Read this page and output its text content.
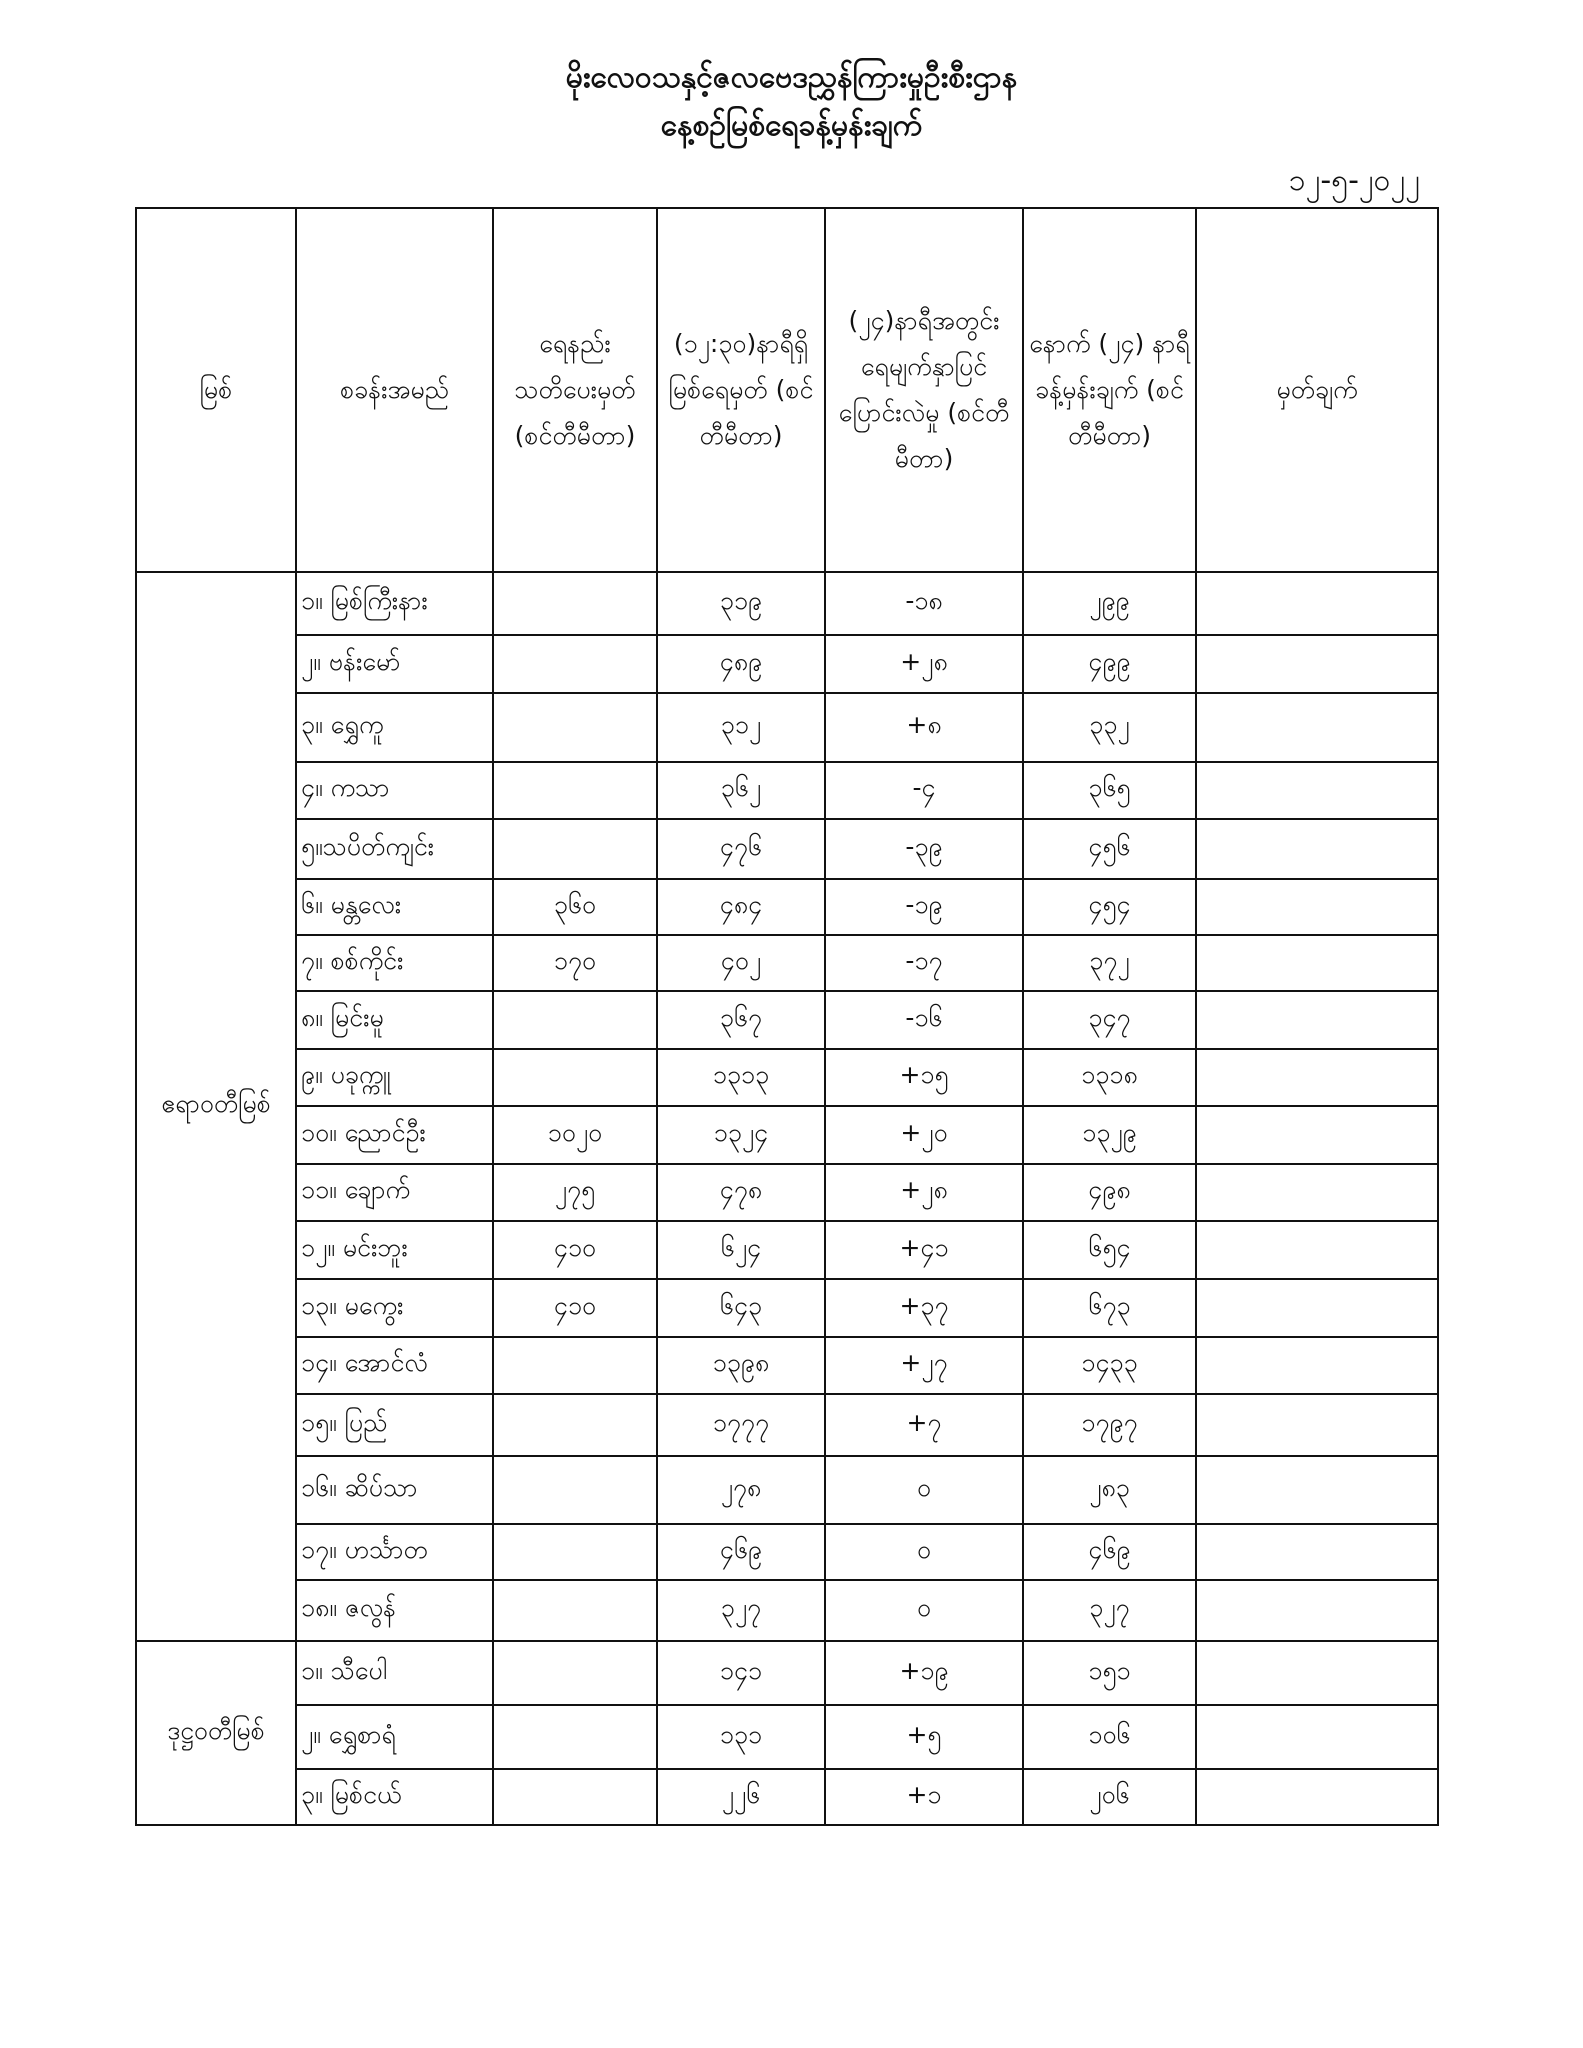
မိုးလေဝသနှင့်ဇလဗေဒညွှန်ကြားမှုဦးစီးဌာန
နေ့စဉ်မြစ်ရေခန့်မှန်းချက်
၁၂-၅-၂၀၂၂
မြစ်	စခန်းအမည်	ရေနည်း သတိပေးမှတ် (စင်တီမီတာ)	(၁၂:၃၀)နာရီရှိ မြစ်ရေမှတ် (စင်တီမီတာ)	(၂၄)နာရီအတွင်း ရေမျက်နှာပြင် ပြောင်းလဲမှု (စင်တီမီတာ)	နောက် (၂၄) နာရီ ခန့်မှန်းချက် (စင်တီမီတာ)	မှတ်ချက်
ဧရာဝတီမြစ်	၁။ မြစ်ကြီးနား		၃၁၉	-၁၈	၂၉၉	
	၂။ ဗန်းမော်		၄၈၉	+၂၈	၄၉၉	
	၃။ ရွှေကူ		၃၁၂	+၈	၃၃၂	
	၄။ ကသာ		၃၆၂	-၄	၃၆၅	
	၅။သပိတ်ကျင်း		၄၇၆	-၃၉	၄၅၆	
	၆။ မန္တလေး	၃၆၀	၄၈၄	-၁၉	၄၅၄	
	၇။ စစ်ကိုင်း	၁၇၀	၄၀၂	-၁၇	၃၇၂	
	၈။ မြင်းမူ		၃၆၇	-၁၆	၃၄၇	
	၉။ ပခုက္ကူ		၁၃၁၃	+၁၅	၁၃၁၈	
	၁၀။ ညောင်ဦး	၁၀၂၀	၁၃၂၄	+၂၀	၁၃၂၉	
	၁၁။ ချောက်	၂၇၅	၄၇၈	+၂၈	၄၉၈	
	၁၂။ မင်းဘူး	၄၁၀	၆၂၄	+၄၁	၆၅၄	
	၁၃။ မကွေး	၄၁၀	၆၄၃	+၃၇	၆၇၃	
	၁၄။ အောင်လံ		၁၃၉၈	+၂၇	၁၄၃၃	
	၁၅။ ပြည်		၁၇၇၇	+၇	၁၇၉၇	
	၁၆။ ဆိပ်သာ		၂၇၈	၀	၂၈၃	
	၁၇။ ဟင်္သာတ		၄၆၉	၀	၄၆၉	
	၁၈။ ဇလွန်		၃၂၇	၀	၃၂၇	
ဒုဋ္ဌဝတီမြစ်	၁။ သီပေါ		၁၄၁	+၁၉	၁၅၁	
	၂။ ရွှေစာရံ		၁၃၁	+၅	၁၀၆	
	၃။ မြစ်ငယ်		၂၂၆	+၁	၂၀၆	
